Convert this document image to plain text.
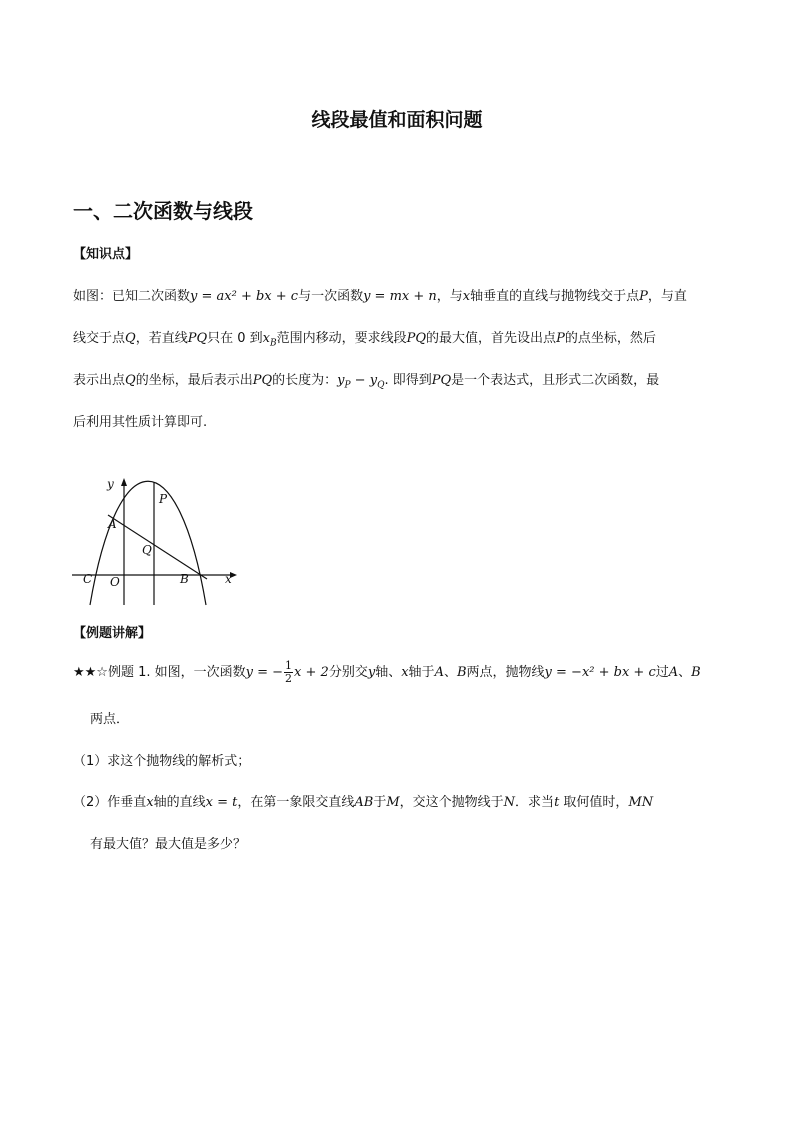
线段最值和面积问题
一、二次函数与线段
【知识点】
如图：已知二次函数y = ax² + bx + c与一次函数y = mx + n，与x轴垂直的直线与抛物线交于点P，与直
线交于点Q，若直线PQ只在 0 到$x_B$范围内移动，要求线段PQ的最大值，首先设出点P的点坐标，然后
表示出点Q的坐标，最后表示出PQ的长度为：$y_P - y_Q$. 即得到PQ是一个表达式，且形式二次函数，最
后利用其性质计算即可.
y
x
P
A
Q
C O	B
【例题讲解】
★★☆例题 1. 如图，一次函数y = − $\frac{1}{2}$ x + 2分别交y轴、x轴于A、B两点，抛物线y = −x² + bx + c过A、B
两点．
（1）求这个抛物线的解析式；
（2）作垂直x轴的直线x = t，在第一象限交直线AB于M，交这个抛物线于N．求当t 取何值时，MN
有最大值？最大值是多少？
